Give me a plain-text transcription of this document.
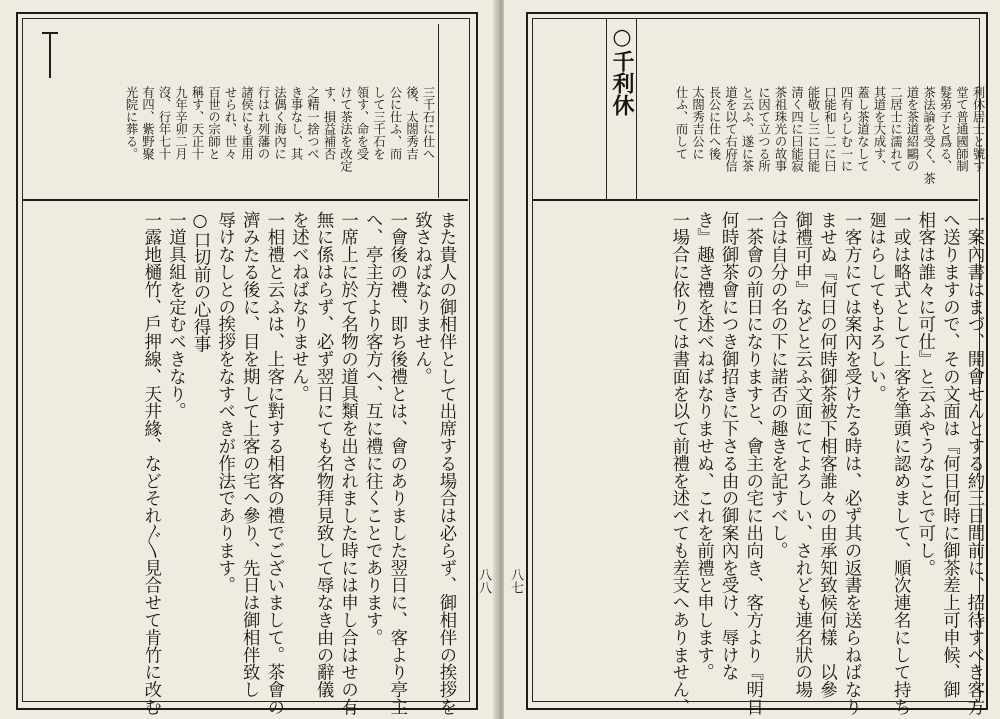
三千石に仕へ
後、太閤秀吉
公に仕ふ、而
して三千石を
領す、命を受
けて茶法を改定
す、損益補否
之精一捨つべ
き事なし、其
法偶く海內に
行はれ列藩の
諸侯にも重用
せられ、世々
百世の宗師と
稱す、天正十
九年辛卯二月
沒、行年七十
有四、紫野聚
光院に葬る。
また貴人の御相伴として出席する場合は必らず、御相伴の挨拶を
致さねばなりません。
一會後の禮、即ち後禮とは、會のありました翌日に、客より亭主
へ、亭主方より客方へ、互に禮に往くことであります。
一席上に於て名物の道具類を出されました時には申し合はせの有
無に係はらず、必ず翌日にても名物拜見致して辱なき由の辭儀
を述べねばなりません。
一相禮と云ふは、上客に對する相客の禮でございまして。茶會の
濟みたる後に、目を期して上客の宅へ參り、先日は御相伴致し
辱けなしとの挨拶をなすべきが作法であります。
○口切前の心得事
一道具組を定むべきなり。
一露地樋竹、戶押線、天井緣、などそれ〲見合せて肯竹に改む	八八
○千利休
利休居士と號す
堂て普通國師制
髮弟子と爲る、
茶法論を受く、茶
道を茶道紹鷗の
二居士に濡れて
其道を大成す、
蓋し茶道なして
四有らしむ一に
口能和し二に曰
能敬し三に曰能
清く四に曰能寂
茶祖珠光の故事
に因て立つる所
と云ふ、遂に茶
道を以て右府信
長公に仕へ後
太閤秀吉公に
仕ふ、而して
一案內書はまづ、開會せんとする約三日間前に、招待すべき客方
へ送りますので、その文面は『何日何時に御茶差上可申候、御
相客は誰々に可仕』と云ふやうなことで可し。
一或は略式として上客を筆頭に認めまして、順次連名にして持ち
廻はらしてもよろしい。
一客方にては案內を受けたる時は、必ず其の返書を送らねばなり
ませぬ『何日の何時御茶被下相客誰々の由承知致候何樣　以參
御禮可申』などと云ふ文面にてよろしい、されども連名狀の場
合は自分の名の下に諾否の趣きを記すべし。
一茶會の前日になりますと、會主の宅に出向き、客方より『明日
何時御茶會につき御招きに下さる由の御案內を受け、辱けな
き』趣き禮を述べねばなりませぬ、これを前禮と申します。
一場合に依りては書面を以て前禮を述べても差支へありません、
八七
